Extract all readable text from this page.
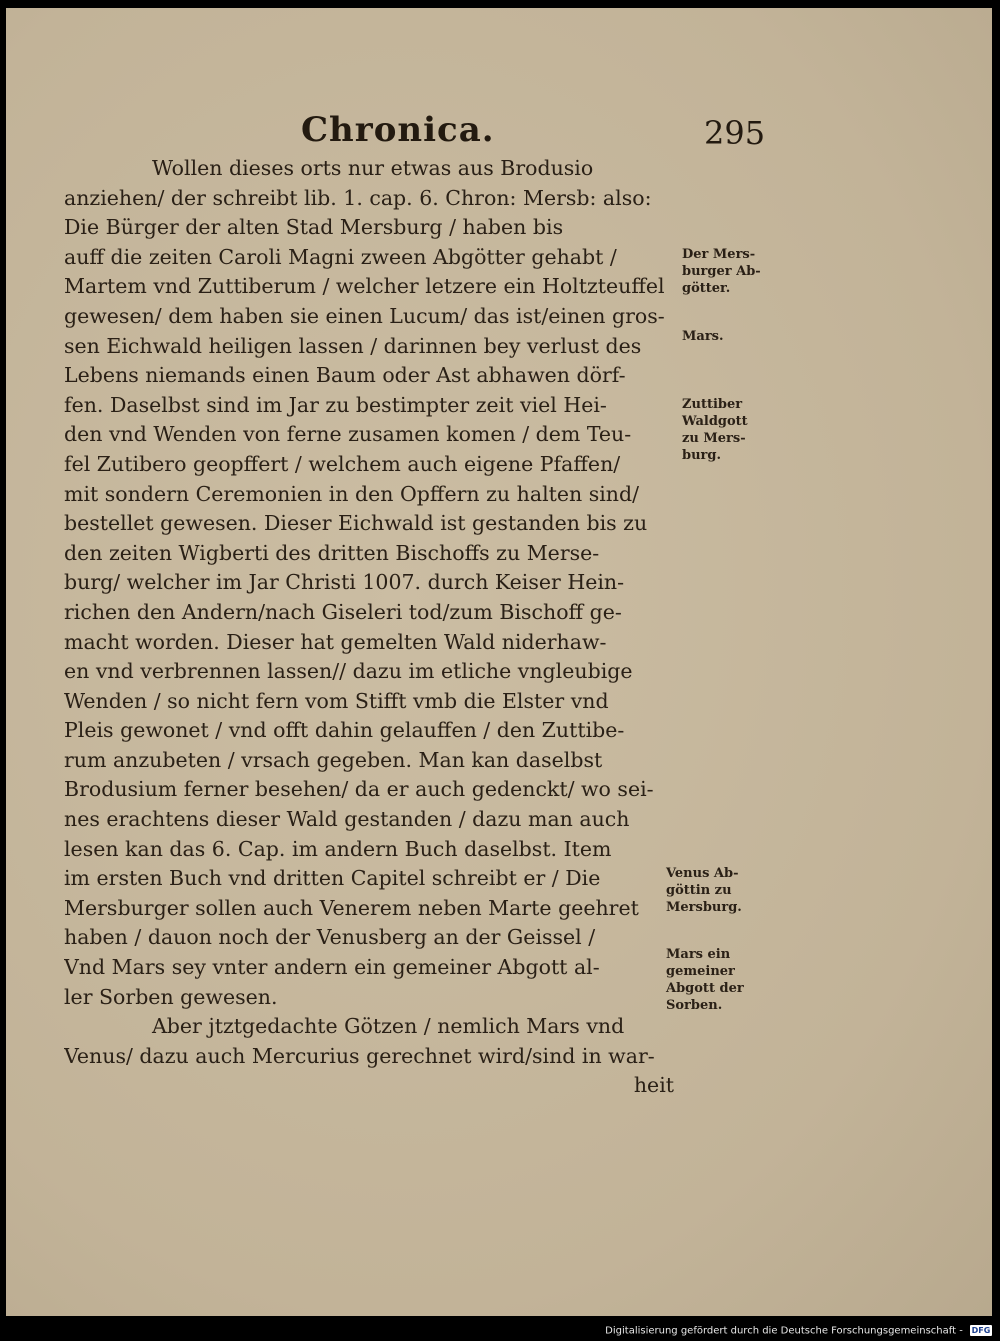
Chronica.	295
Wollen dieses orts nur etwas aus Brodusio
anziehen/ der schreibt lib. 1. cap. 6. Chron: Mersb: also:
Die Bürger der alten Stad Mersburg / haben bis
auff die zeiten Caroli Magni zween Abgötter gehabt /
Martem vnd Zuttiberum / welcher letzere ein Holtzteuffel
gewesen/ dem haben sie einen Lucum/ das ist/einen gros-
sen Eichwald heiligen lassen / darinnen bey verlust des
Lebens niemands einen Baum oder Ast abhawen dörf-
fen. Daselbst sind im Jar zu bestimpter zeit viel Hei-
den vnd Wenden von ferne zusamen komen / dem Teu-
fel Zutibero geopffert / welchem auch eigene Pfaffen/
mit sondern Ceremonien in den Opffern zu halten sind/
bestellet gewesen. Dieser Eichwald ist gestanden bis zu
den zeiten Wigberti des dritten Bischoffs zu Merse-
burg/ welcher im Jar Christi 1007. durch Keiser Hein-
richen den Andern/nach Giseleri tod/zum Bischoff ge-
macht worden. Dieser hat gemelten Wald niderhaw-
en vnd verbrennen lassen// dazu im etliche vngleubige
Wenden / so nicht fern vom Stifft vmb die Elster vnd
Pleis gewonet / vnd offt dahin gelauffen / den Zuttibe-
rum anzubeten / vrsach gegeben. Man kan daselbst
Brodusium ferner besehen/ da er auch gedenckt/ wo sei-
nes erachtens dieser Wald gestanden / dazu man auch
lesen kan das 6. Cap. im andern Buch daselbst. Item
im ersten Buch vnd dritten Capitel schreibt er / Die
Mersburger sollen auch Venerem neben Marte geehret
haben / dauon noch der Venusberg an der Geissel /
Vnd Mars sey vnter andern ein gemeiner Abgott al-
ler Sorben gewesen.
Aber jtztgedachte Götzen / nemlich Mars vnd
Venus/ dazu auch Mercurius gerechnet wird/sind in war-
heit
Der Mers-
burger Ab-
götter.
Mars.
Zuttiber
Waldgott
zu Mers-
burg.
Venus Ab-
göttin zu
Mersburg.
Mars ein
gemeiner
Abgott der
Sorben.
Digitalisierung gefördert durch die Deutsche Forschungsgemeinschaft - DFG
